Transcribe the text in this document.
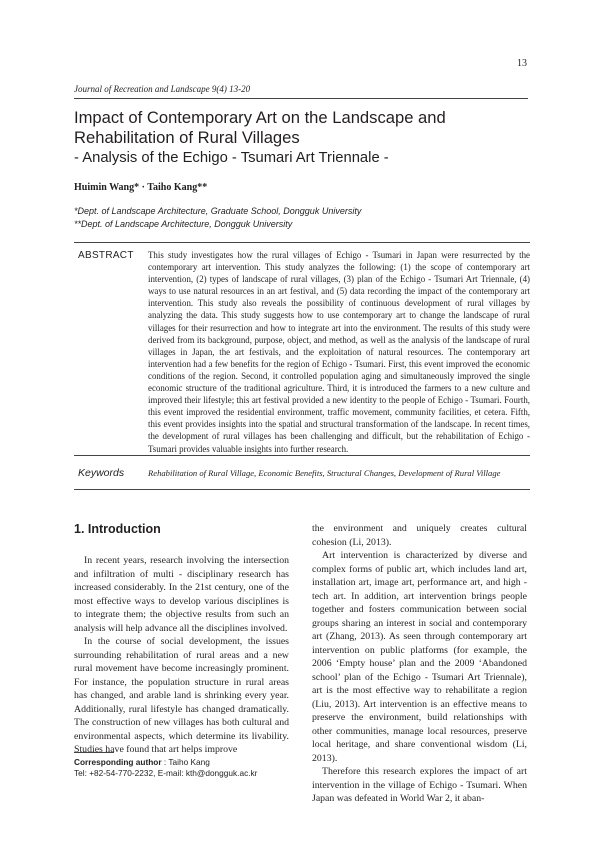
13
Journal of Recreation and Landscape 9(4) 13-20
Impact of Contemporary Art on the Landscape and Rehabilitation of Rural Villages
- Analysis of the Echigo - Tsumari Art Triennale -
Huimin Wang* · Taiho Kang**
*Dept. of Landscape Architecture, Graduate School, Dongguk University
**Dept. of Landscape Architecture, Dongguk University
ABSTRACT This study investigates how the rural villages of Echigo - Tsumari in Japan were resurrected by the contemporary art intervention. This study analyzes the following: (1) the scope of contemporary art intervention, (2) types of landscape of rural villages, (3) plan of the Echigo - Tsumari Art Triennale, (4) ways to use natural resources in an art festival, and (5) data recording the impact of the contemporary art intervention. This study also reveals the possibility of continuous development of rural villages by analyzing the data. This study suggests how to use contemporary art to change the landscape of rural villages for their resurrection and how to integrate art into the environment. The results of this study were derived from its background, purpose, object, and method, as well as the analysis of the landscape of rural villages in Japan, the art festivals, and the exploitation of natural resources. The contemporary art intervention had a few benefits for the region of Echigo - Tsumari. First, this event improved the economic conditions of the region. Second, it controlled population aging and simultaneously improved the single economic structure of the traditional agriculture. Third, it is introduced the farmers to a new culture and improved their lifestyle; this art festival provided a new identity to the people of Echigo - Tsumari. Fourth, this event improved the residential environment, traffic movement, community facilities, et cetera. Fifth, this event provides insights into the spatial and structural transformation of the landscape. In recent times, the development of rural villages has been challenging and difficult, but the rehabilitation of Echigo - Tsumari provides valuable insights into further research.

Keywords	Rehabilitation of Rural Village, Economic Benefits, Structural Changes, Development of Rural Village
1. Introduction

In recent years, research involving the intersection and infiltration of multi - disciplinary research has increased considerably. In the 21st century, one of the most effective ways to develop various disciplines is to integrate them; the objective results from such an analysis will help advance all the disciplines involved.

In the course of social development, the issues surrounding rehabilitation of rural areas and a new rural movement have become increasingly prominent. For instance, the population structure in rural areas has changed, and arable land is shrinking every year. Additionally, rural lifestyle has changed dramatically. The construction of new villages has both cultural and environmental aspects, which determine its livability. Studies have found that art helps improve

the environment and uniquely creates cultural cohesion (Li, 2013).

Art intervention is characterized by diverse and complex forms of public art, which includes land art, installation art, image art, performance art, and high - tech art. In addition, art intervention brings people together and fosters communication between social groups sharing an interest in social and contemporary art (Zhang, 2013). As seen through contemporary art intervention on public platforms (for example, the 2006 ‘Empty house’ plan and the 2009 ‘Abandoned school’ plan of the Echigo - Tsumari Art Triennale), art is the most effective way to rehabilitate a region (Liu, 2013). Art intervention is an effective means to preserve the environment, build relationships with other communities, manage local resources, preserve local heritage, and share conventional wisdom (Li, 2013).

Therefore this research explores the impact of art intervention in the village of Echigo - Tsumari. When Japan was defeated in World War 2, it aban-

Corresponding author : Taiho Kang
Tel: +82-54-770-2232, E-mail: kth@dongguk.ac.kr
